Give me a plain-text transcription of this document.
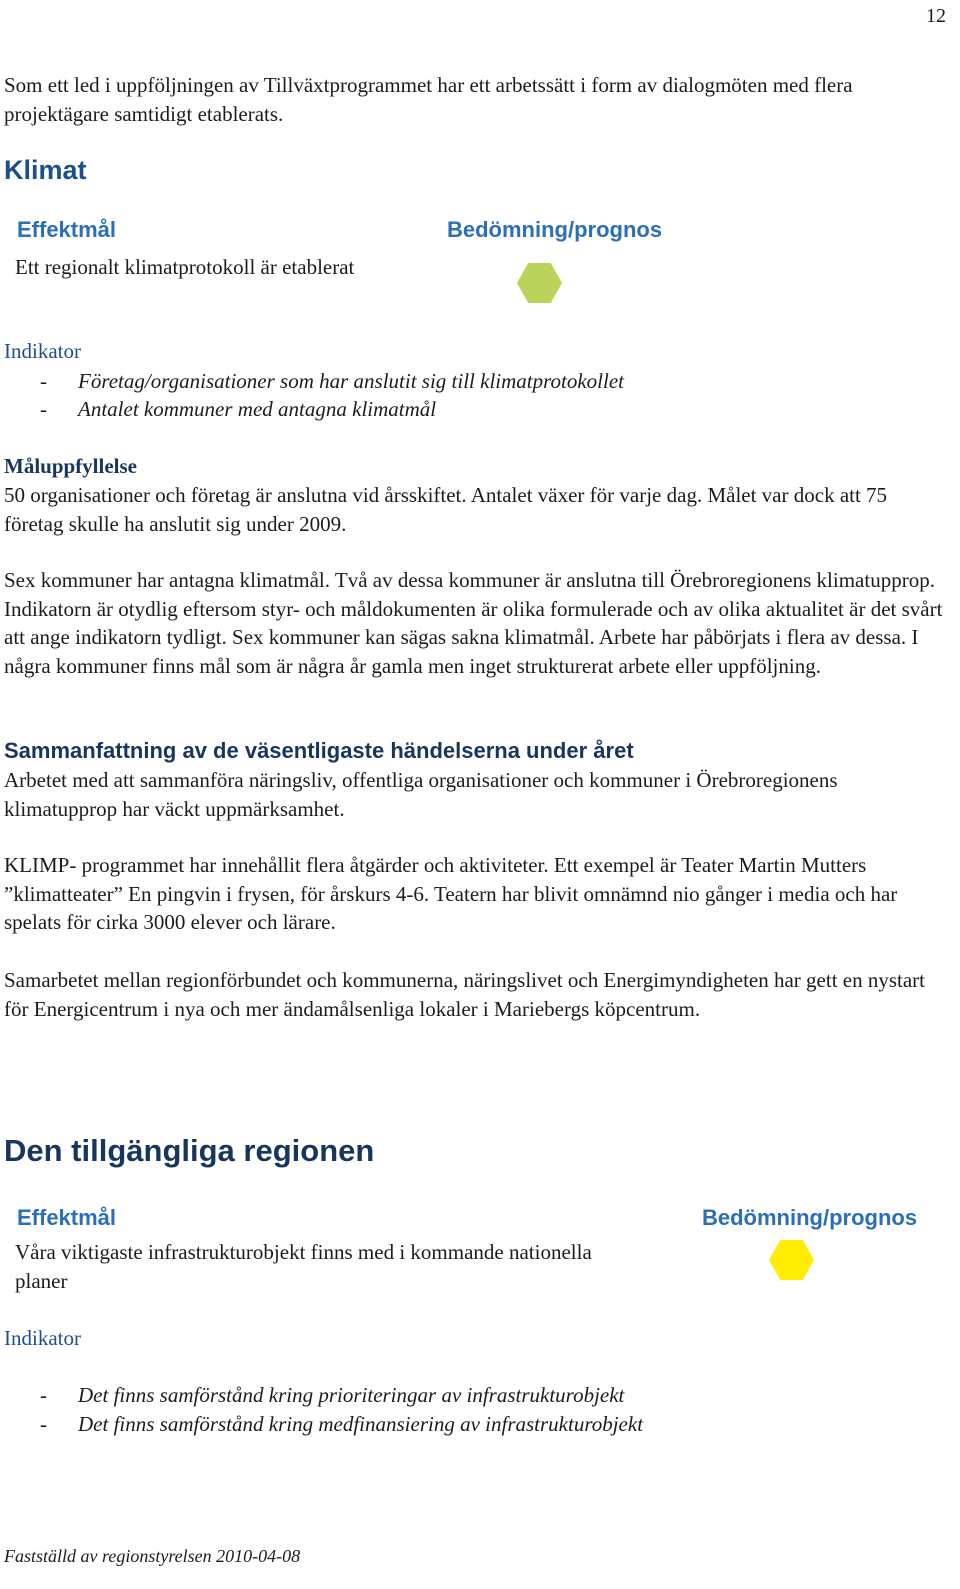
12

Som ett led i uppföljningen av Tillväxtprogrammet har ett arbetssätt i form av dialogmöten med flera projektägare samtidigt etablerats.

Klimat
Effektmål	Bedömning/prognos
Ett regionalt klimatprotokoll är etablerat
Indikator
- Företag/organisationer som har anslutit sig till klimatprotokollet
- Antalet kommuner med antagna klimatmål
Måluppfyllelse

50 organisationer och företag är anslutna vid årsskiftet. Antalet växer för varje dag. Målet var dock att 75 företag skulle ha anslutit sig under 2009.

Sex kommuner har antagna klimatmål. Två av dessa kommuner är anslutna till Örebroregionens klimatupprop. Indikatorn är otydlig eftersom styr- och måldokumenten är olika formulerade och av olika aktualitet är det svårt att ange indikatorn tydligt. Sex kommuner kan sägas sakna klimatmål. Arbete har påbörjats i flera av dessa. I några kommuner finns mål som är några år gamla men inget strukturerat arbete eller uppföljning.

Sammanfattning av de väsentligaste händelserna under året

Arbetet med att sammanföra näringsliv, offentliga organisationer och kommuner i Örebroregionens klimatupprop har väckt uppmärksamhet.

KLIMP- programmet har innehållit flera åtgärder och aktiviteter. Ett exempel är Teater Martin Mutters ”klimatteater” En pingvin i frysen, för årskurs 4-6. Teatern har blivit omnämnd nio gånger i media och har spelats för cirka 3000 elever och lärare.

Samarbetet mellan regionförbundet och kommunerna, näringslivet och Energimyndigheten har gett en nystart för Energicentrum i nya och mer ändamålsenliga lokaler i Mariebergs köpcentrum.

Den tillgängliga regionen
Effektmål	Bedömning/prognos

Våra viktigaste infrastrukturobjekt finns med i kommande nationella planer

Indikator
- Det finns samförstånd kring prioriteringar av infrastrukturobjekt
- Det finns samförstånd kring medfinansiering av infrastrukturobjekt
Fastställd av regionstyrelsen 2010-04-08
